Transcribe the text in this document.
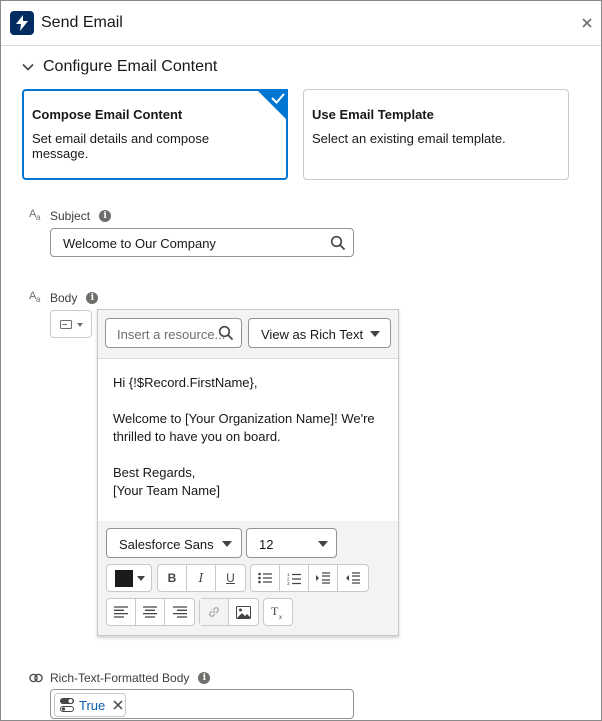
Send Email
Configure Email Content
Compose Email Content
Set email details and compose message.
Use Email Template
Select an existing email template.
A a Subject	i
Welcome to Our Company
A a Body	i
Insert a resource...	View as Rich Text

Hi {!$Record.FirstName},

Welcome to [Your Organization Name]! We're thrilled to have you on board.

Best Regards,
[Your Team Name]
Salesforce Sans	12
B I U	1
2
3
T x
Rich-Text-Formatted Body	i
True
